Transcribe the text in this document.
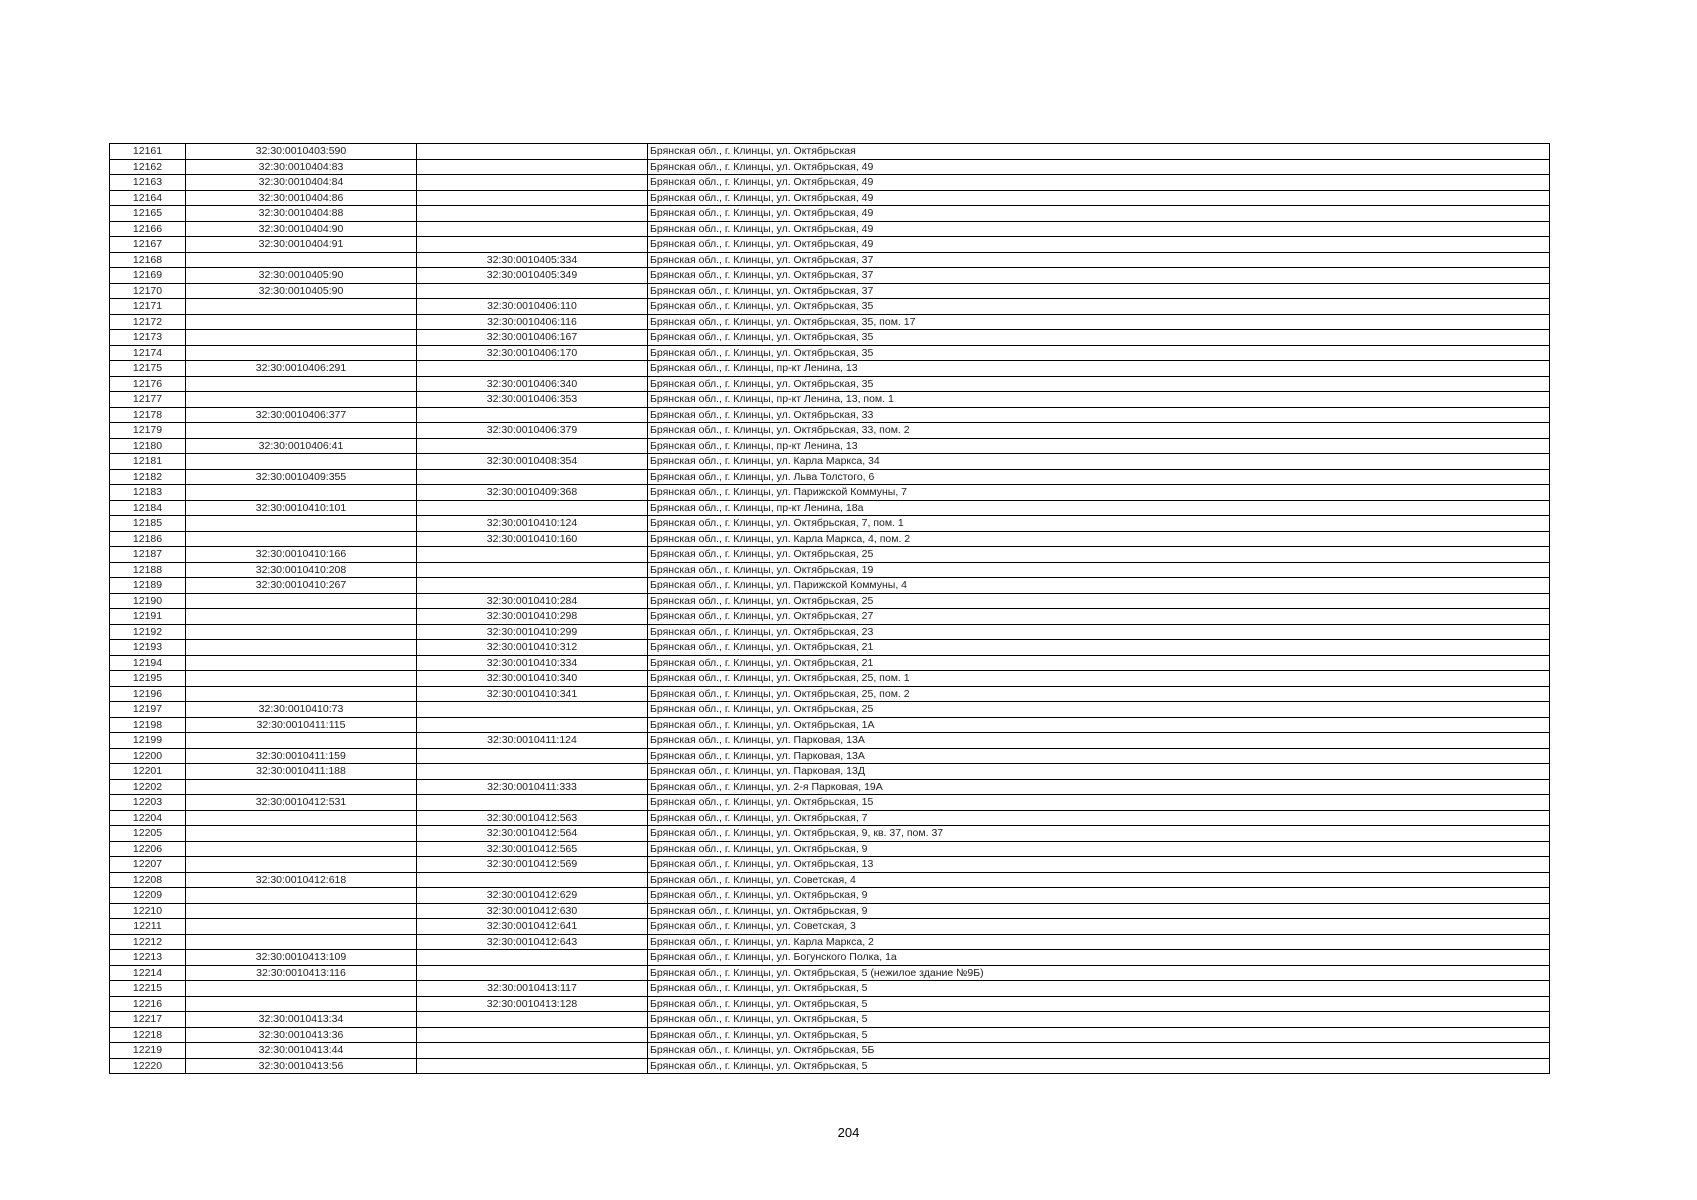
12161	32:30:0010403:590		Брянская обл., г. Клинцы, ул. Октябрьская
12162	32:30:0010404:83		Брянская обл., г. Клинцы, ул. Октябрьская, 49
12163	32:30:0010404:84		Брянская обл., г. Клинцы, ул. Октябрьская, 49
12164	32:30:0010404:86		Брянская обл., г. Клинцы, ул. Октябрьская, 49
12165	32:30:0010404:88		Брянская обл., г. Клинцы, ул. Октябрьская, 49
12166	32:30:0010404:90		Брянская обл., г. Клинцы, ул. Октябрьская, 49
12167	32:30:0010404:91		Брянская обл., г. Клинцы, ул. Октябрьская, 49
12168		32:30:0010405:334	Брянская обл., г. Клинцы, ул. Октябрьская, 37
12169	32:30:0010405:90	32:30:0010405:349	Брянская обл., г. Клинцы, ул. Октябрьская, 37
12170	32:30:0010405:90		Брянская обл., г. Клинцы, ул. Октябрьская, 37
12171		32:30:0010406:110	Брянская обл., г. Клинцы, ул. Октябрьская, 35
12172		32:30:0010406:116	Брянская обл., г. Клинцы, ул. Октябрьская, 35, пом. 17
12173		32:30:0010406:167	Брянская обл., г. Клинцы, ул. Октябрьская, 35
12174		32:30:0010406:170	Брянская обл., г. Клинцы, ул. Октябрьская, 35
12175	32:30:0010406:291		Брянская обл., г. Клинцы, пр-кт Ленина, 13
12176		32:30:0010406:340	Брянская обл., г. Клинцы, ул. Октябрьская, 35
12177		32:30:0010406:353	Брянская обл., г. Клинцы, пр-кт Ленина, 13, пом. 1
12178	32:30:0010406:377		Брянская обл., г. Клинцы, ул. Октябрьская, 33
12179		32:30:0010406:379	Брянская обл., г. Клинцы, ул. Октябрьская, 33, пом. 2
12180	32:30:0010406:41		Брянская обл., г. Клинцы, пр-кт Ленина, 13
12181		32:30:0010408:354	Брянская обл., г. Клинцы, ул. Карла Маркса, 34
12182	32:30:0010409:355		Брянская обл., г. Клинцы, ул. Льва Толстого, 6
12183		32:30:0010409:368	Брянская обл., г. Клинцы, ул. Парижской Коммуны, 7
12184	32:30:0010410:101		Брянская обл., г. Клинцы, пр-кт Ленина, 18а
12185		32:30:0010410:124	Брянская обл., г. Клинцы, ул. Октябрьская, 7, пом. 1
12186		32:30:0010410:160	Брянская обл., г. Клинцы, ул. Карла Маркса, 4, пом. 2
12187	32:30:0010410:166		Брянская обл., г. Клинцы, ул. Октябрьская, 25
12188	32:30:0010410:208		Брянская обл., г. Клинцы, ул. Октябрьская, 19
12189	32:30:0010410:267		Брянская обл., г. Клинцы, ул. Парижской Коммуны, 4
12190		32:30:0010410:284	Брянская обл., г. Клинцы, ул. Октябрьская, 25
12191		32:30:0010410:298	Брянская обл., г. Клинцы, ул. Октябрьская, 27
12192		32:30:0010410:299	Брянская обл., г. Клинцы, ул. Октябрьская, 23
12193		32:30:0010410:312	Брянская обл., г. Клинцы, ул. Октябрьская, 21
12194		32:30:0010410:334	Брянская обл., г. Клинцы, ул. Октябрьская, 21
12195		32:30:0010410:340	Брянская обл., г. Клинцы, ул. Октябрьская, 25, пом. 1
12196		32:30:0010410:341	Брянская обл., г. Клинцы, ул. Октябрьская, 25, пом. 2
12197	32:30:0010410:73		Брянская обл., г. Клинцы, ул. Октябрьская, 25
12198	32:30:0010411:115		Брянская обл., г. Клинцы, ул. Октябрьская, 1А
12199		32:30:0010411:124	Брянская обл., г. Клинцы, ул. Парковая, 13А
12200	32:30:0010411:159		Брянская обл., г. Клинцы, ул. Парковая, 13А
12201	32:30:0010411:188		Брянская обл., г. Клинцы, ул. Парковая, 13Д
12202		32:30:0010411:333	Брянская обл., г. Клинцы, ул. 2-я Парковая, 19А
12203	32:30:0010412:531		Брянская обл., г. Клинцы, ул. Октябрьская, 15
12204		32:30:0010412:563	Брянская обл., г. Клинцы, ул. Октябрьская, 7
12205		32:30:0010412:564	Брянская обл., г. Клинцы, ул. Октябрьская, 9, кв. 37, пом. 37
12206		32:30:0010412:565	Брянская обл., г. Клинцы, ул. Октябрьская, 9
12207		32:30:0010412:569	Брянская обл., г. Клинцы, ул. Октябрьская, 13
12208	32:30:0010412:618		Брянская обл., г. Клинцы, ул. Советская, 4
12209		32:30:0010412:629	Брянская обл., г. Клинцы, ул. Октябрьская, 9
12210		32:30:0010412:630	Брянская обл., г. Клинцы, ул. Октябрьская, 9
12211		32:30:0010412:641	Брянская обл., г. Клинцы, ул. Советская, 3
12212		32:30:0010412:643	Брянская обл., г. Клинцы, ул. Карла Маркса, 2
12213	32:30:0010413:109		Брянская обл., г. Клинцы, ул. Богунского Полка, 1а
12214	32:30:0010413:116		Брянская обл., г. Клинцы, ул. Октябрьская, 5 (нежилое здание №9Б)
12215		32:30:0010413:117	Брянская обл., г. Клинцы, ул. Октябрьская, 5
12216		32:30:0010413:128	Брянская обл., г. Клинцы, ул. Октябрьская, 5
12217	32:30:0010413:34		Брянская обл., г. Клинцы, ул. Октябрьская, 5
12218	32:30:0010413:36		Брянская обл., г. Клинцы, ул. Октябрьская, 5
12219	32:30:0010413:44		Брянская обл., г. Клинцы, ул. Октябрьская, 5Б
12220	32:30:0010413:56		Брянская обл., г. Клинцы, ул. Октябрьская, 5
204
